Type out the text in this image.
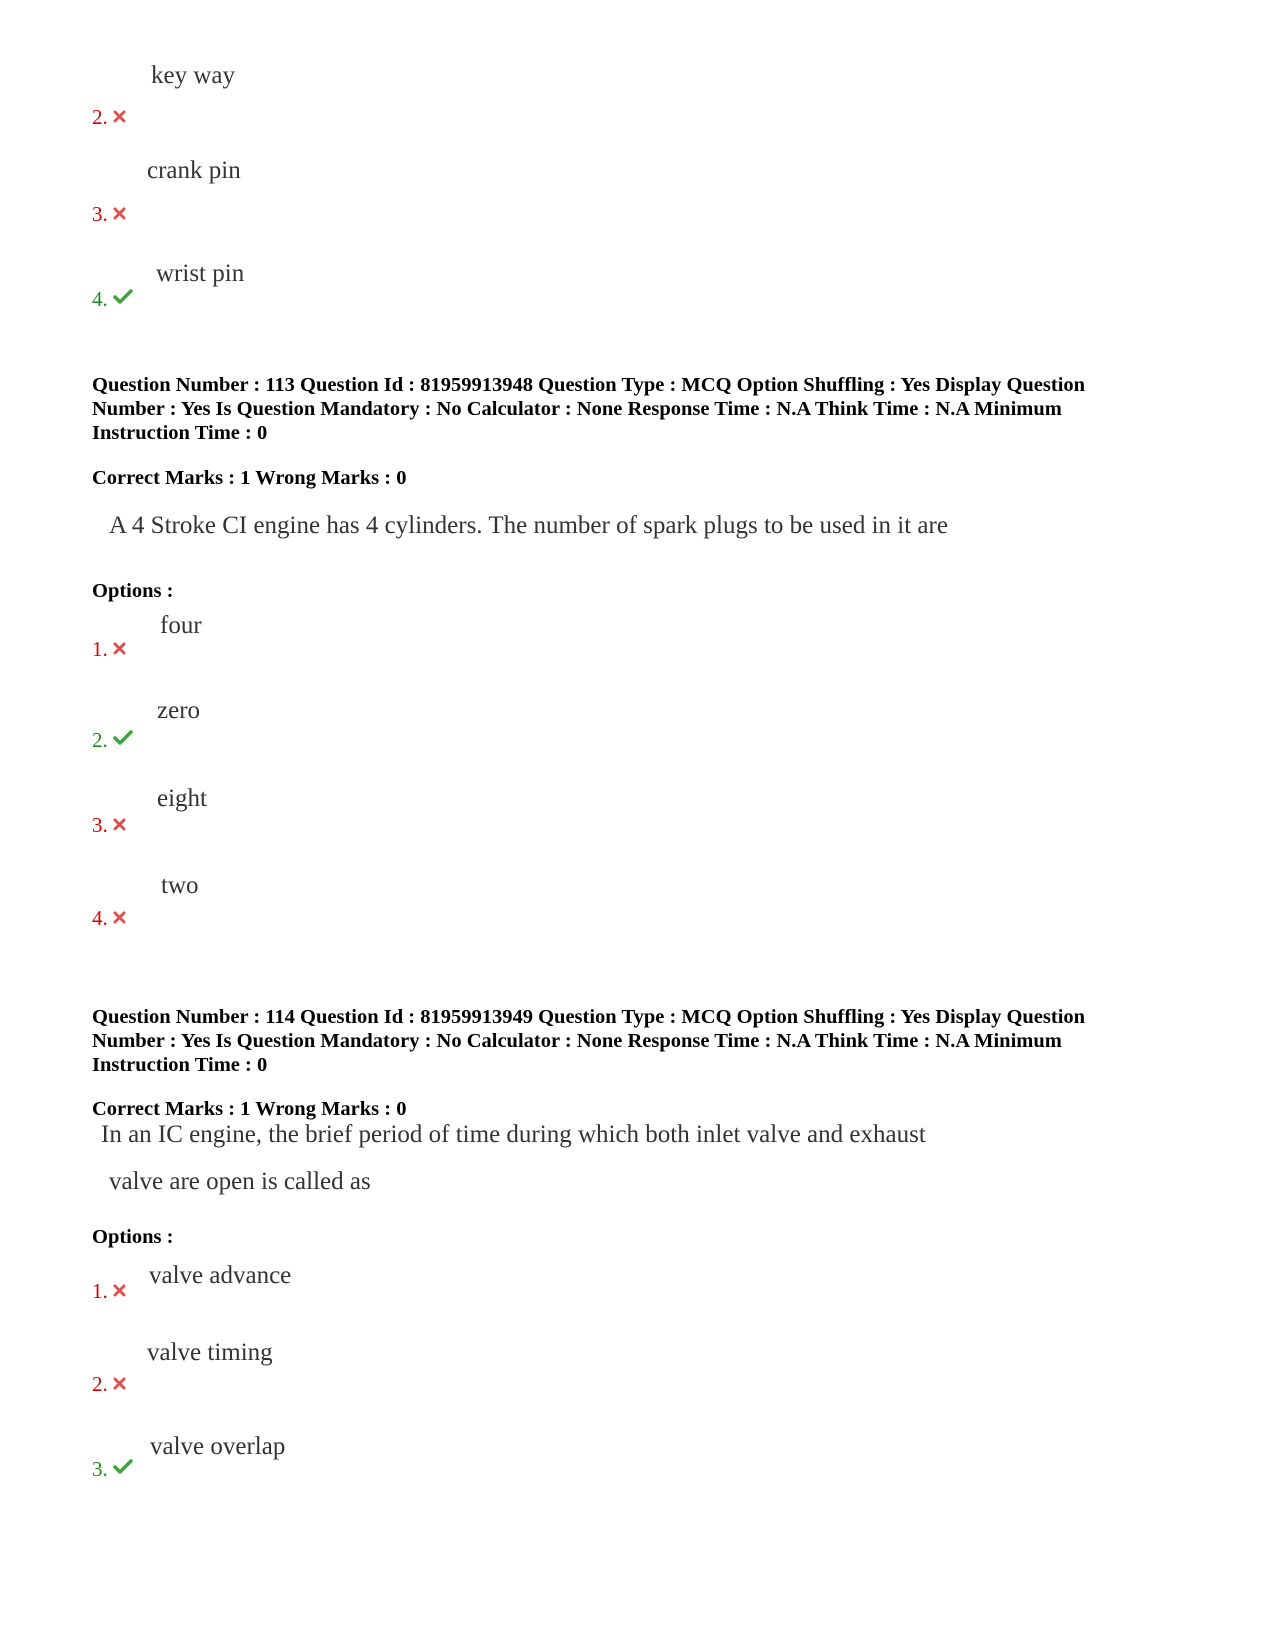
key way
2.
crank pin
3.
wrist pin
4.
Question Number : 113 Question Id : 81959913948 Question Type : MCQ Option Shuffling : Yes Display Question
Number : Yes Is Question Mandatory : No Calculator : None Response Time : N.A Think Time : N.A Minimum
Instruction Time : 0
Correct Marks : 1 Wrong Marks : 0
A 4 Stroke CI engine has 4 cylinders. The number of spark plugs to be used in it are
Options :
four
1.
zero
2.
eight
3.
two
4.
Question Number : 114 Question Id : 81959913949 Question Type : MCQ Option Shuffling : Yes Display Question
Number : Yes Is Question Mandatory : No Calculator : None Response Time : N.A Think Time : N.A Minimum
Instruction Time : 0
Correct Marks : 1 Wrong Marks : 0
In an IC engine, the brief period of time during which both inlet valve and exhaust
valve are open is called as
Options :
valve advance
1.
valve timing
2.
valve overlap
3.
